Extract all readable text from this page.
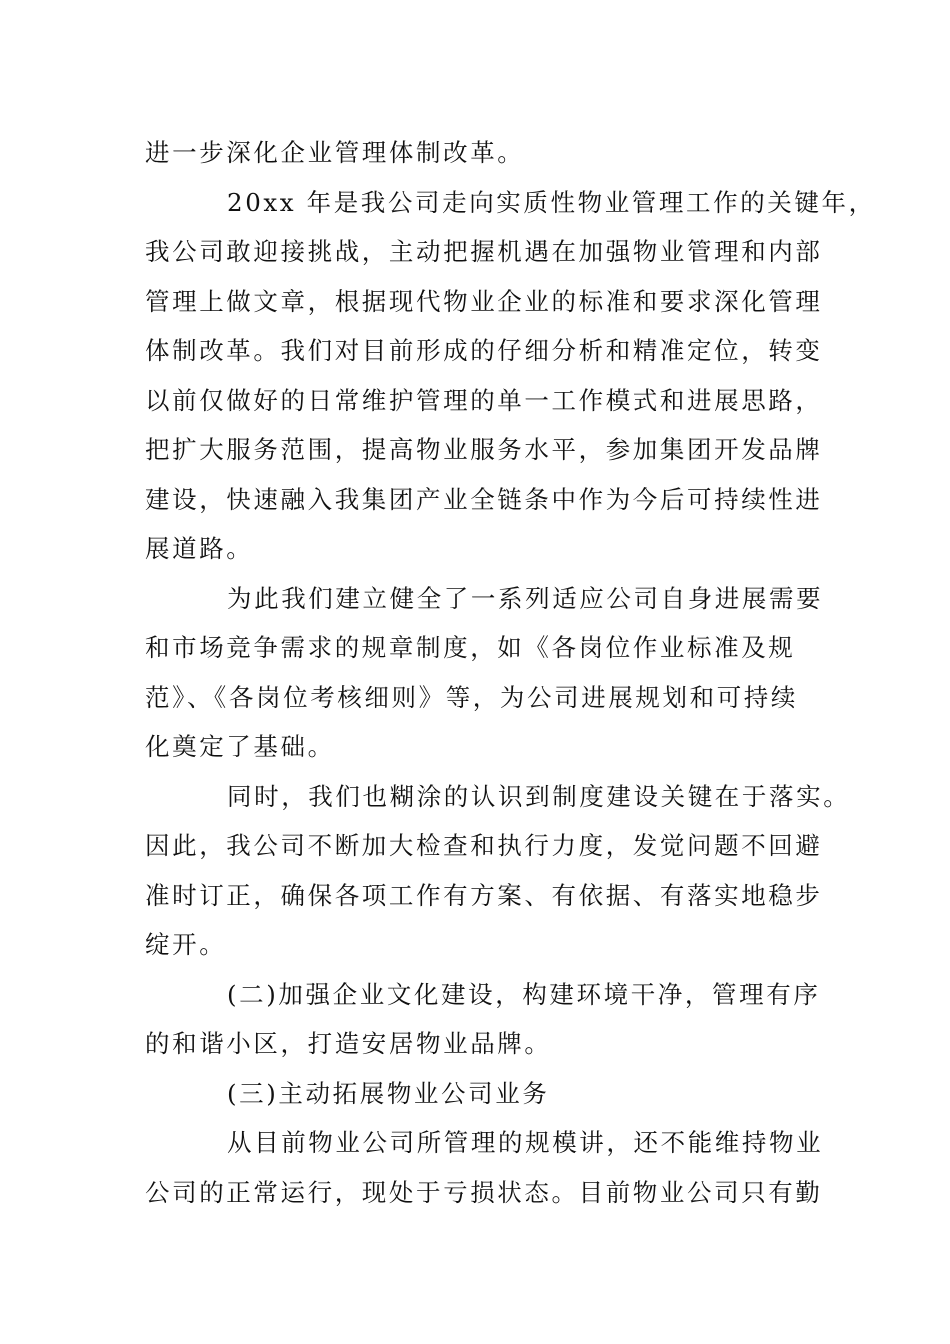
进一步深化企业管理体制改革。
20xx 年是我公司走向实质性物业管理工作的关键年，
我公司敢迎接挑战，主动把握机遇在加强物业管理和内部
管理上做文章，根据现代物业企业的标准和要求深化管理
体制改革。我们对目前形成的仔细分析和精准定位，转变
以前仅做好的日常维护管理的单一工作模式和进展思路，
把扩大服务范围，提高物业服务水平，参加集团开发品牌
建设，快速融入我集团产业全链条中作为今后可持续性进
展道路。
为此我们建立健全了一系列适应公司自身进展需要
和市场竞争需求的规章制度，如《各岗位作业标准及规
范》、《各岗位考核细则》等，为公司进展规划和可持续
化奠定了基础。
同时，我们也糊涂的认识到制度建设关键在于落实。
因此，我公司不断加大检查和执行力度，发觉问题不回避
准时订正，确保各项工作有方案、有依据、有落实地稳步
绽开。
(二)加强企业文化建设，构建环境干净，管理有序
的和谐小区，打造安居物业品牌。
(三)主动拓展物业公司业务
从目前物业公司所管理的规模讲，还不能维持物业
公司的正常运行，现处于亏损状态。目前物业公司只有勤
